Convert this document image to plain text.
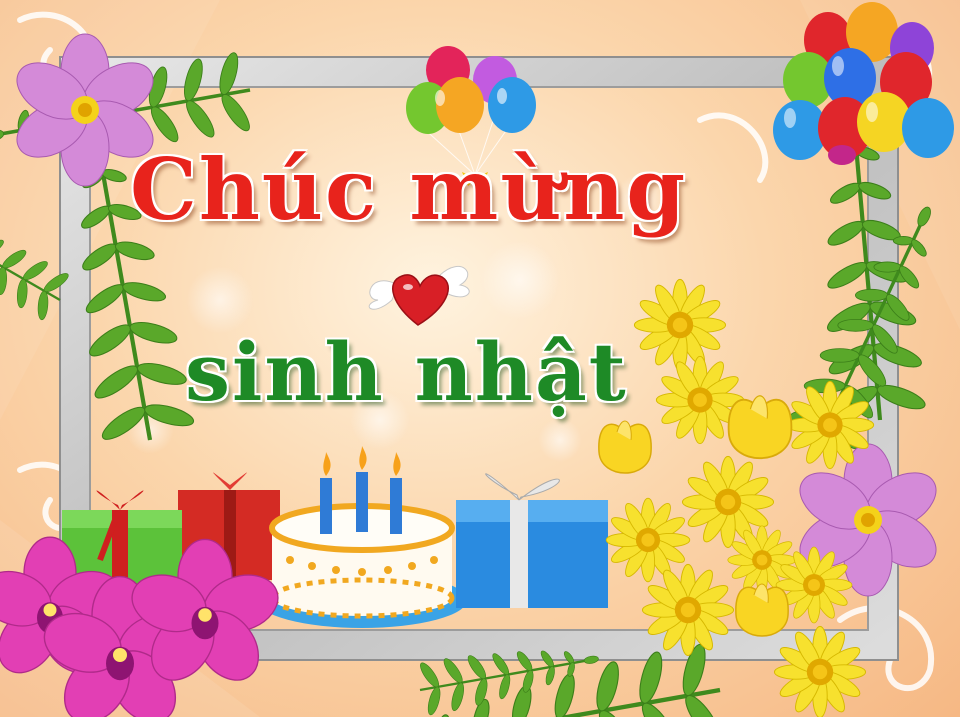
Chúc mừng
sinh nhật
